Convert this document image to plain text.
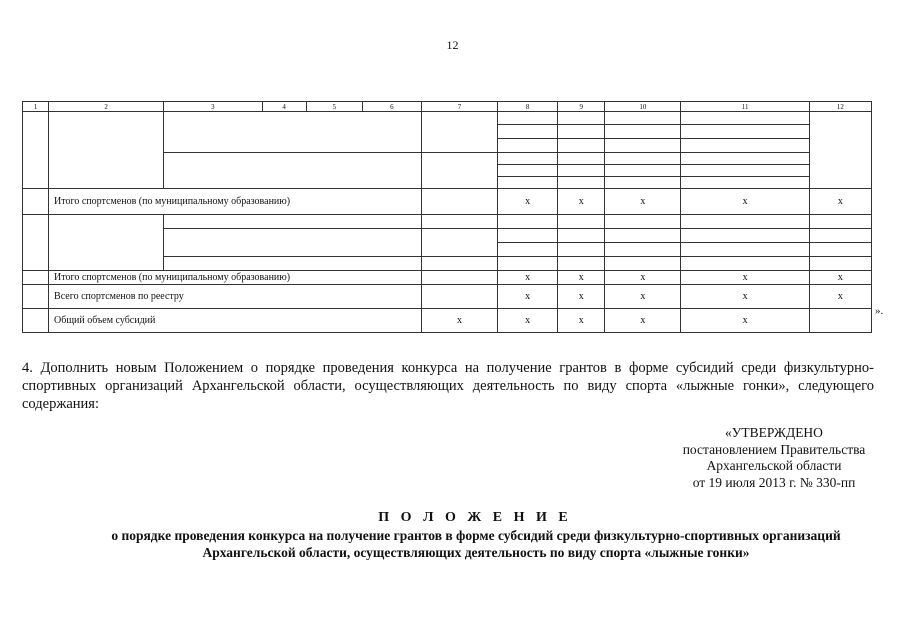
12
1	2	3	4	5	6	7	8	9	10	11	12

	Итого спортсменов (по муниципальному образованию)						х	х	х	х	х

	Итого спортсменов (по муниципальному образованию)						х	х	х	х	х
	Всего спортсменов по реестру						х	х	х	х	х
	Общий объем субсидий					х	х	х	х	х	
».
4. Дополнить новым Положением о порядке проведения конкурса на получение грантов в форме субсидий среди физкультурно-спортивных организаций Архангельской области, осуществляющих деятельность по виду спорта «лыжные гонки», следующего содержания:
«УТВЕРЖДЕНО
постановлением Правительства
Архангельской области
от 19 июля 2013 г. № 330-пп
П О Л О Ж Е Н И Е
о порядке проведения конкурса на получение грантов в форме субсидий среди физкультурно-спортивных организаций Архангельской области, осуществляющих деятельность по виду спорта «лыжные гонки»
